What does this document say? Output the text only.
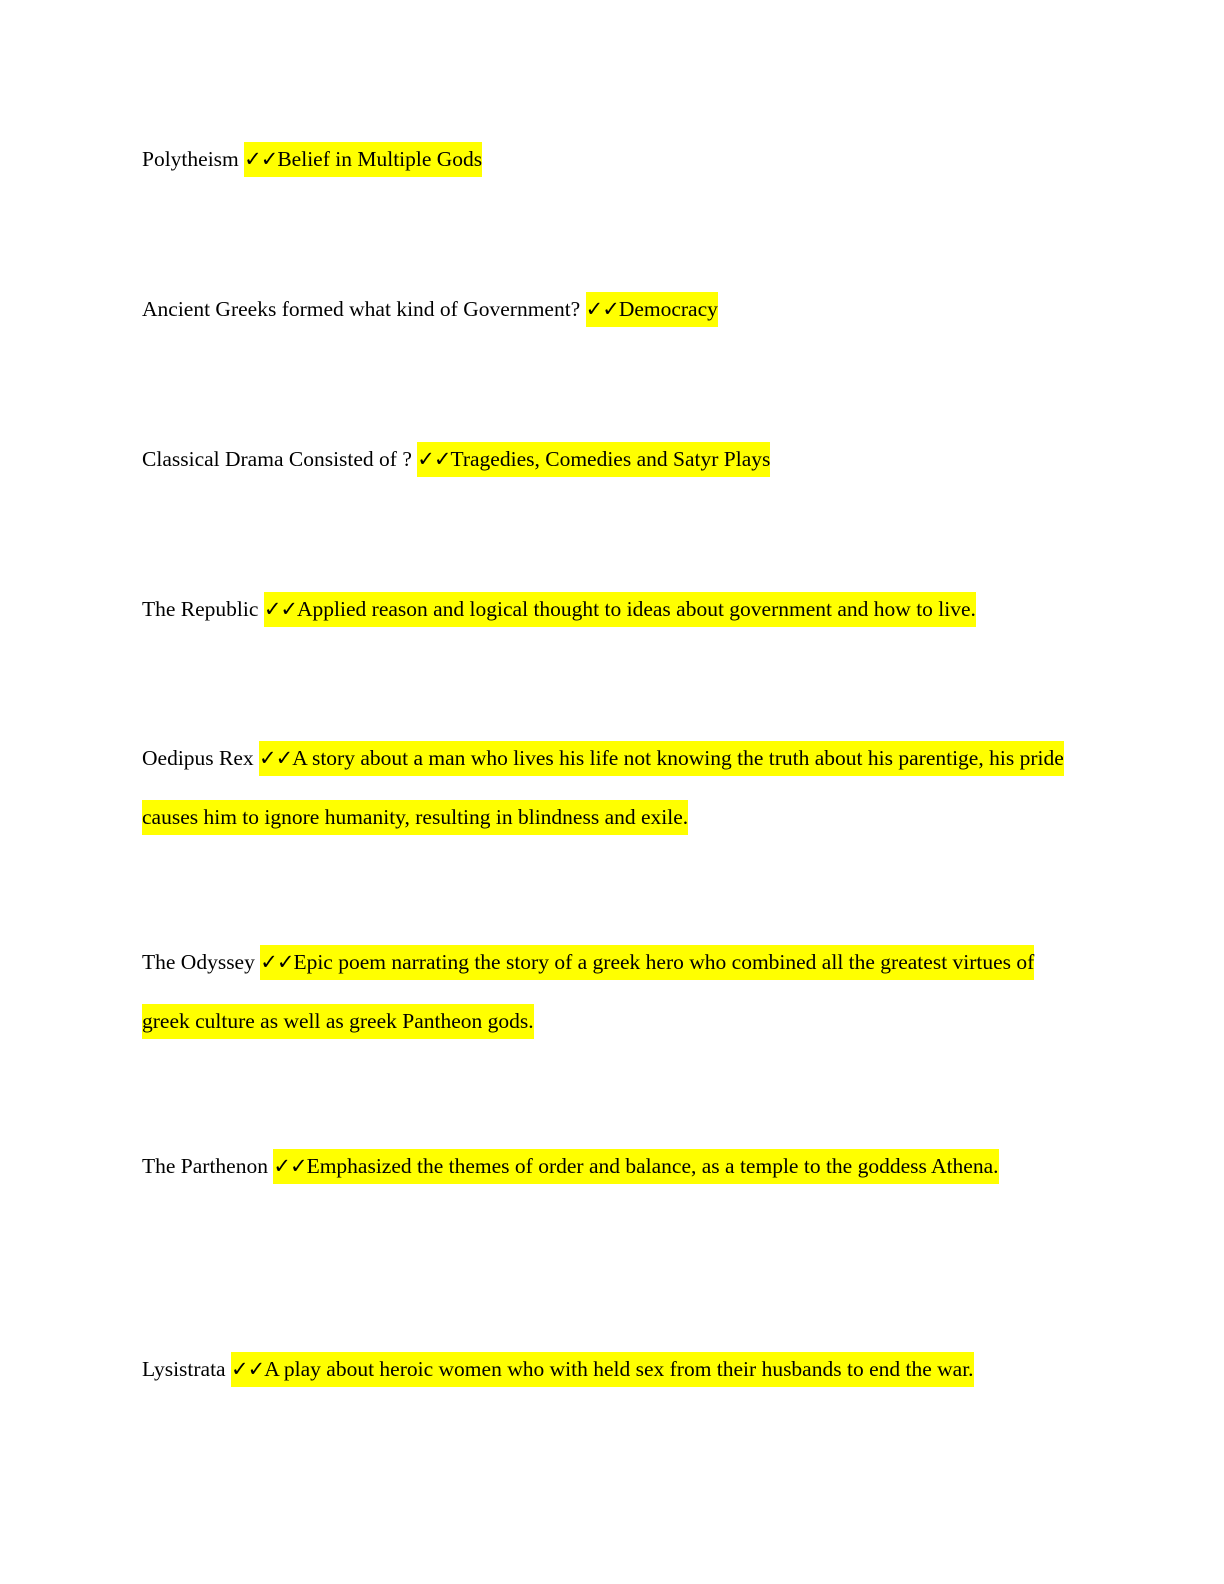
Polytheism ✓✓Belief in Multiple Gods

Ancient Greeks formed what kind of Government? ✓✓Democracy

Classical Drama Consisted of ? ✓✓Tragedies, Comedies and Satyr Plays

The Republic ✓✓Applied reason and logical thought to ideas about government and how to live.

Oedipus Rex ✓✓A story about a man who lives his life not knowing the truth about his parentige, his pride causes him to ignore humanity, resulting in blindness and exile.

The Odyssey ✓✓Epic poem narrating the story of a greek hero who combined all the greatest virtues of greek culture as well as greek Pantheon gods.

The Parthenon ✓✓Emphasized the themes of order and balance, as a temple to the goddess Athena.

Lysistrata ✓✓A play about heroic women who with held sex from their husbands to end the war.
